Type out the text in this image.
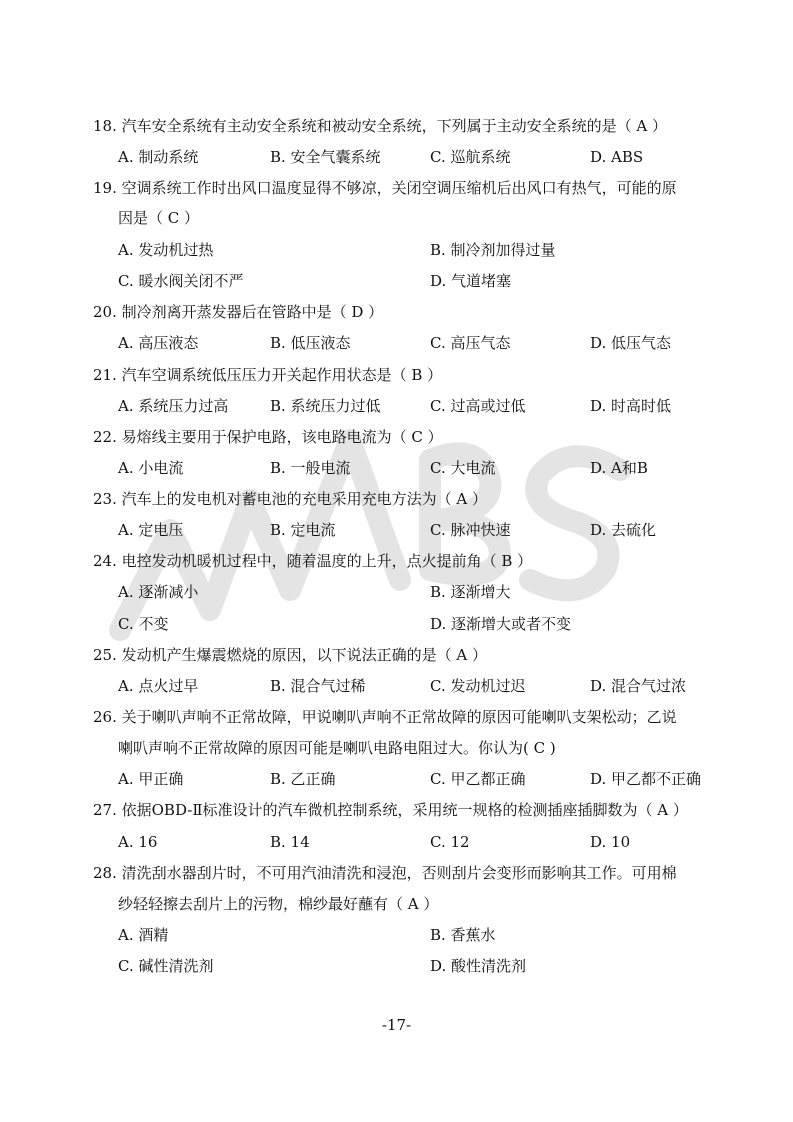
18. 汽车安全系统有主动安全系统和被动安全系统，下列属于主动安全系统的是（ A ）
A. 制动系统	B. 安全气囊系统	C. 巡航系统	D. ABS
19. 空调系统工作时出风口温度显得不够凉，关闭空调压缩机后出风口有热气，可能的原
因是（ C ）
A. 发动机过热	B. 制冷剂加得过量
C. 暖水阀关闭不严	D. 气道堵塞
20. 制冷剂离开蒸发器后在管路中是（ D ）
A. 高压液态	B. 低压液态	C. 高压气态	D. 低压气态
21. 汽车空调系统低压压力开关起作用状态是（ B ）
A. 系统压力过高	B. 系统压力过低	C. 过高或过低	D. 时高时低
22. 易熔线主要用于保护电路，该电路电流为（ C ）
A. 小电流	B. 一般电流	C. 大电流	D. A和B
23. 汽车上的发电机对蓄电池的充电采用充电方法为（ A ）
A. 定电压	B. 定电流	C. 脉冲快速	D. 去硫化
24. 电控发动机暖机过程中，随着温度的上升，点火提前角（ B ）
A. 逐渐减小	B. 逐渐增大
C. 不变	D. 逐渐增大或者不变
25. 发动机产生爆震燃烧的原因，以下说法正确的是（ A ）
A. 点火过早	B. 混合气过稀	C. 发动机过迟	D. 混合气过浓
26. 关于喇叭声响不正常故障，甲说喇叭声响不正常故障的原因可能喇叭支架松动；乙说
喇叭声响不正常故障的原因可能是喇叭电路电阻过大。你认为( C )
A. 甲正确	B. 乙正确	C. 甲乙都正确	D. 甲乙都不正确
27. 依据OBD-Ⅱ标准设计的汽车微机控制系统，采用统一规格的检测插座插脚数为（ A ）
A. 16	B. 14	C. 12	D. 10
28. 清洗刮水器刮片时，不可用汽油清洗和浸泡，否则刮片会变形而影响其工作。可用棉
纱轻轻擦去刮片上的污物，棉纱最好蘸有（ A ）
A. 酒精	B. 香蕉水
C. 碱性清洗剂	D. 酸性清洗剂
-17-
